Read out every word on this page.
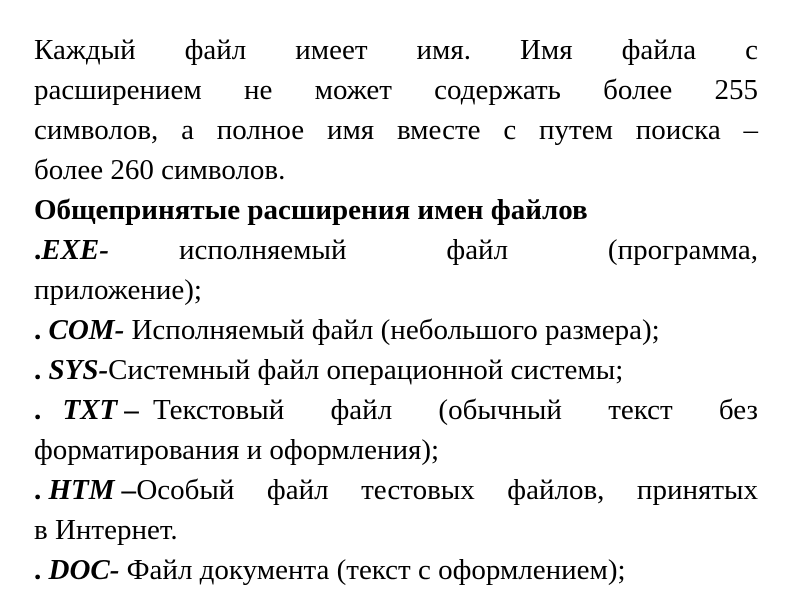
Каждый файл имеет имя. Имя файла с

расширением не может содержать более 255

символов, а полное имя вместе с путем поиска –

более 260 символов.

Общепринятые расширения имен файлов

.EXE- исполняемый файл (программа,

приложение);

. COM- Исполняемый файл (небольшого размера);

. SYS-Системный файл операционной системы;

. TXT – Текстовый файл (обычный текст без

форматирования и оформления);

. HTM – Особый файл тестовых файлов, принятых

в Интернет.

. DOC- Файл документа (текст с оформлением);
